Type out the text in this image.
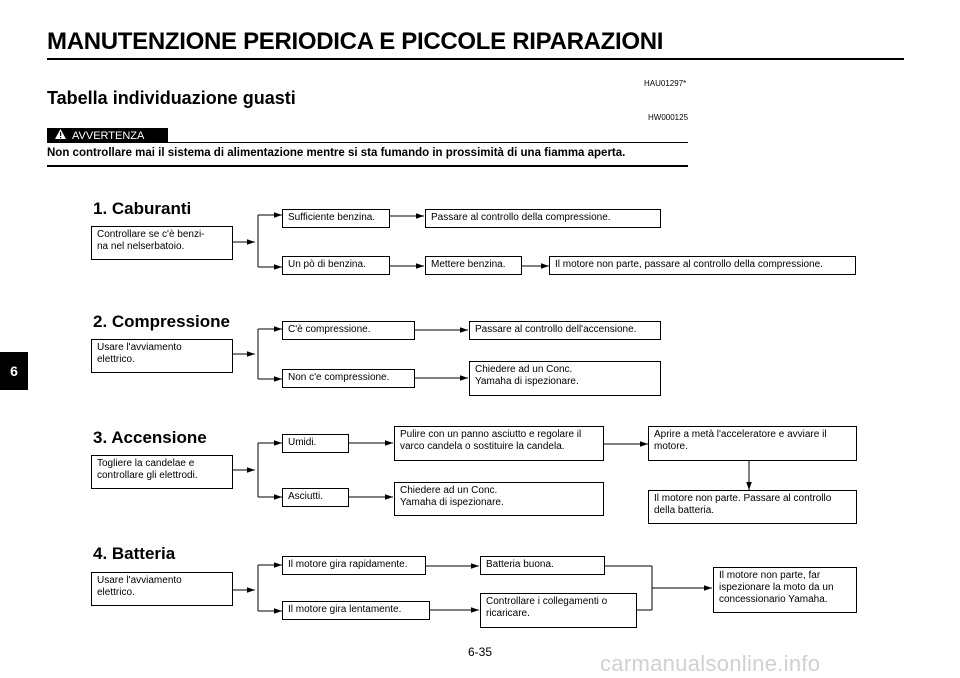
MANUTENZIONE PERIODICA E PICCOLE RIPARAZIONI
HAU01297*
Tabella individuazione guasti
HW000125
AVVERTENZA
Non controllare mai il sistema di alimentazione mentre si sta fumando in prossimità di una fiamma aperta.
6
1. Caburanti
Controllare se c'è benzi-
na nel nelserbatoio.
Sufficiente benzina.	Passare al controllo della compressione.
Un pò di benzina.	Mettere benzina.	Il motore non parte, passare al controllo della compressione.
2. Compressione
Usare l'avviamento
elettrico.
C'è compressione.	Passare al controllo dell'accensione.
Non c'e compressione.
Chiedere ad un Conc.
Yamaha di ispezionare.
3. Accensione
Togliere la candelae e
controllare gli elettrodi.
Umidi.
Pulire con un panno asciutto e regolare il
varco candela o sostituire la candela.
Aprire a metà l'acceleratore e avviare il
motore.
Il motore non parte. Passare al controllo
della batteria.
Asciutti.
Chiedere ad un Conc.
Yamaha di ispezionare.
4. Batteria
Usare l'avviamento
elettrico.
Il motore gira rapidamente.	Batteria buona.
Il motore gira lentamente.
Controllare i collegamenti o
ricaricare.
Il motore non parte, far
ispezionare la moto da un
concessionario Yamaha.
6-35	carmanualsonline.info
